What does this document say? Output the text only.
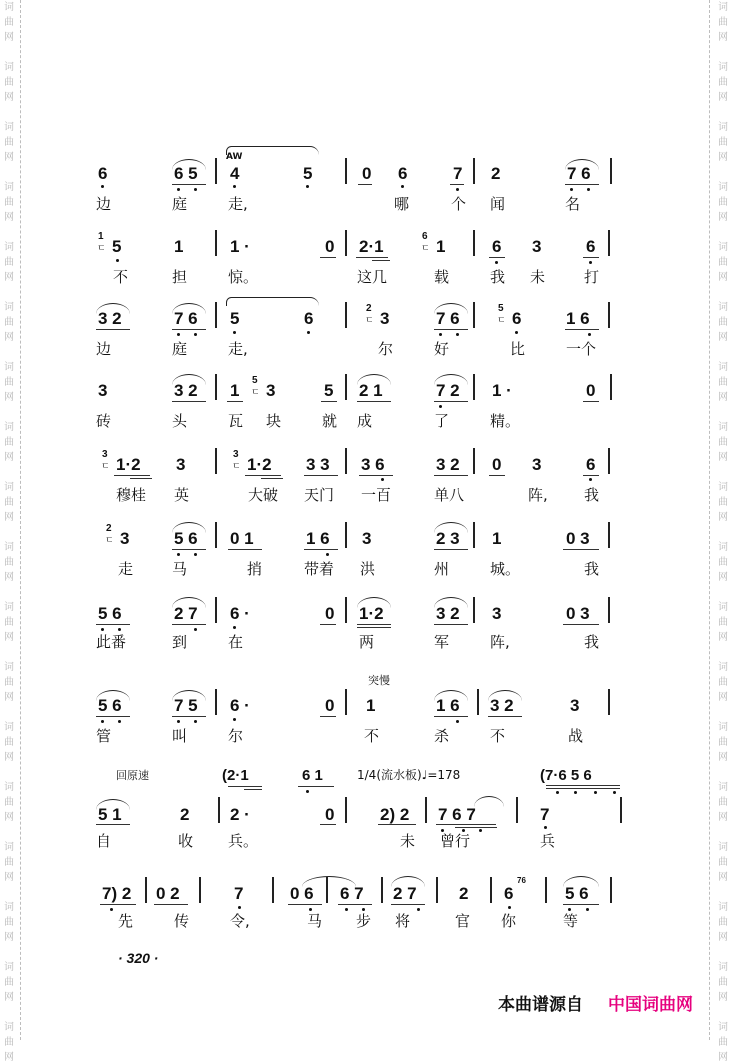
词
曲
网
词
曲
网
词
曲
网
词
曲
网
词
曲
网
词
曲
网
词
曲
网
词
曲
网
词
曲
网
词
曲
网
词
曲
网
词
曲
网
词
曲
网
词
曲
网
词
曲
网
词
曲
网
词
曲
网
词
曲
网
词
曲
网
词
曲
网
词
曲
网
词
曲
网
词
曲
网
词
曲
网
词
曲
网
词
曲
网
词
曲
网
词
曲
网
词
曲
网
词
曲
网
词
曲
网
词
曲
网
词
曲
网
词
曲
网
词
曲
网
词
曲
网
AW
突慢
回原速	1/4(流水板)♩=178
76
· 320 ·
本曲谱源自 中国词曲网
6	6 5 4	5	0 6	7 2	7 6
边	庭	走,	哪	个 闻	名
5
1
ㄷ	1	1 ·	0 2·1	1
6
ㄷ	6 3	6
不	担	惊。	这几	载	我 未	打
3 2	7 6 5	6	3
2
ㄷ	7 6	6
5
ㄷ	1 6
边	庭	走,	尔	好	比	一个
3	3 2 1 3
5
ㄷ	5 2 1	7 2 1 ·	0
砖	头	瓦 块	就 成	了	精。
1·2
3
ㄷ	3	1·2
3
ㄷ	3 3 3 6	3 2 0 3	6
穆桂 英	大破 天门 一百	单八	阵, 我
3
2
ㄷ	5 6 0 1	1 6 3	2 3 1	0 3
走	马	捎	带着 洪	州	城。	我
5 6	2 7 6 ·	0 1·2	3 2 3	0 3
此番	到	在	两	军	阵,	我
5 6	7 5 6 ·	0 1	1 6 3 2	3
管	叫	尔	不	杀	不	战
(2·1	6 1	(7·6 5 6
5 1	2 2 ·	0	2) 2 7 6 7	7
自	收 兵。	未 曾行	兵
7) 2 0 2	7	0 6 6 7 2 7 2 6	5 6
先	传	令,	马 步 将	官 你	等
